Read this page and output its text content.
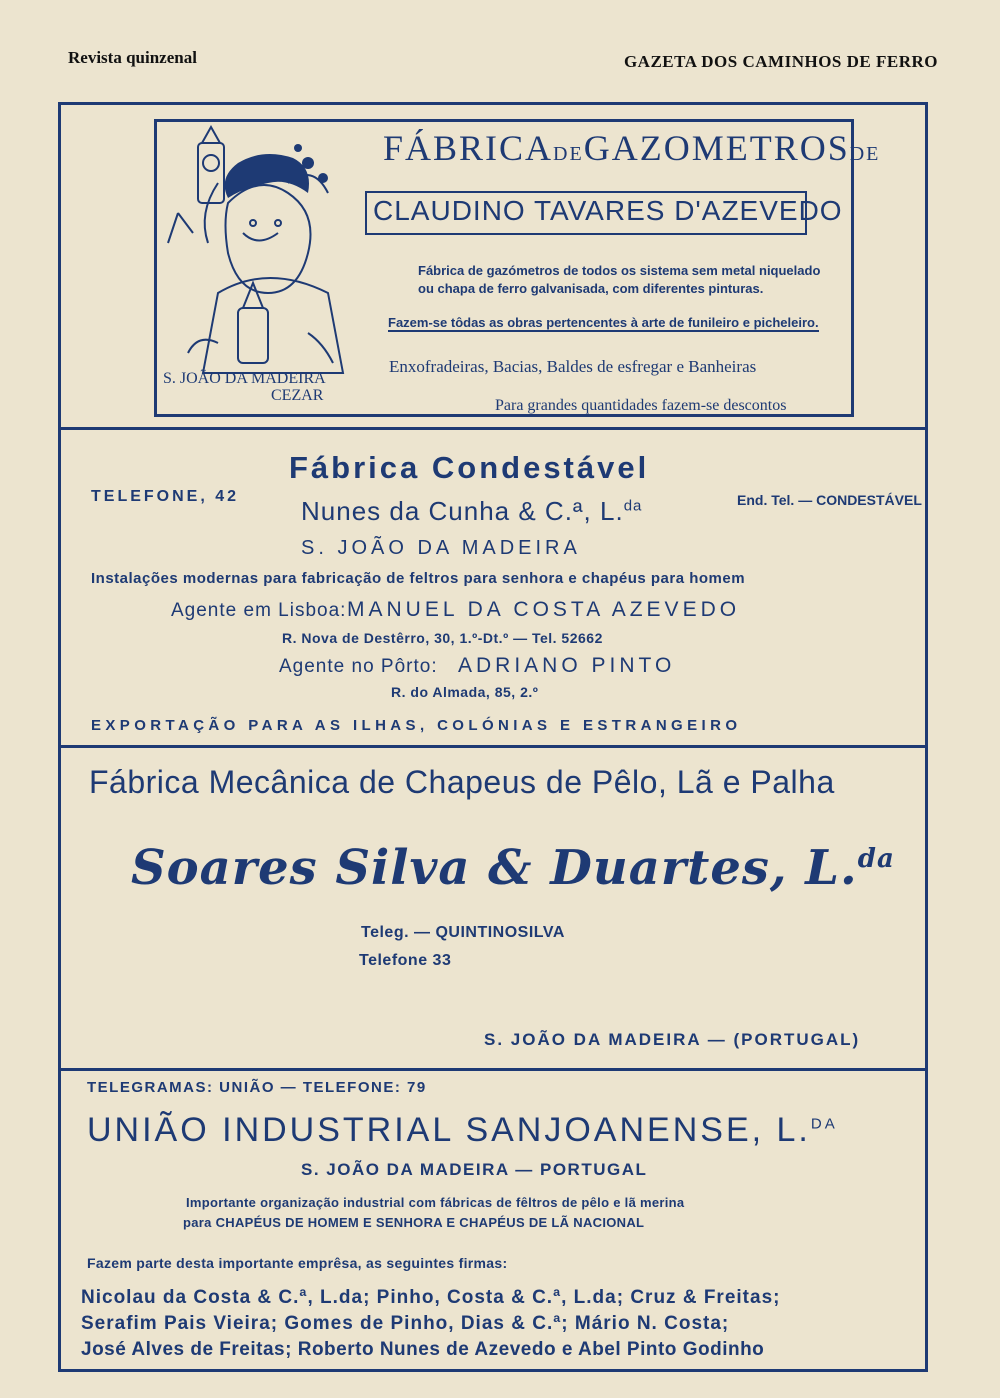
Revista quinzenal	GAZETA DOS CAMINHOS DE FERRO
S. JOÃO DA MADEIRA
CEZAR
FÁBRICADEGAZOMETROSDE
CLAUDINO TAVARES D'AZEVEDO
Fábrica de gazómetros de todos os sistema sem metal niquelado
ou chapa de ferro galvanisada, com diferentes pinturas.
Fazem-se tôdas as obras pertencentes à arte de funileiro e picheleiro.
Enxofradeiras, Bacias, Baldes de esfregar e Banheiras
Para grandes quantidades fazem-se descontos
Fábrica Condestável
TELEFONE, 42 Nunes da Cunha & C.ª, L.$^{da}$	End. Tel. — CONDESTÁVEL
S. JOÃO DA MADEIRA
Instalações modernas para fabricação de feltros para senhora e chapéus para homem
Agente em Lisboa: MANUEL DA COSTA AZEVEDO
R. Nova de Destêrro, 30, 1.º-Dt.º — Tel. 52662
Agente no Pôrto: ADRIANO PINTO
R. do Almada, 85, 2.º
EXPORTAÇÃO PARA AS ILHAS, COLÓNIAS E ESTRANGEIRO
Fábrica Mecânica de Chapeus de Pêlo, Lã e Palha
Soares Silva & Duartes, L.$^{da}$
Teleg. — QUINTINOSILVA
Telefone 33
S. JOÃO DA MADEIRA — (PORTUGAL)
TELEGRAMAS: UNIÃO — TELEFONE: 79
UNIÃO INDUSTRIAL SANJOANENSE, L.$^{DA}$
S. JOÃO DA MADEIRA — PORTUGAL
Importante organização industrial com fábricas de fêltros de pêlo e lã merina
para CHAPÉUS DE HOMEM E SENHORA E CHAPÉUS DE LÃ NACIONAL
Fazem parte desta importante emprêsa, as seguintes firmas:
Nicolau da Costa & C.ª, L.da; Pinho, Costa & C.ª, L.da; Cruz & Freitas;
Serafim Pais Vieira; Gomes de Pinho, Dias & C.ª; Mário N. Costa;
José Alves de Freitas; Roberto Nunes de Azevedo e Abel Pinto Godinho
